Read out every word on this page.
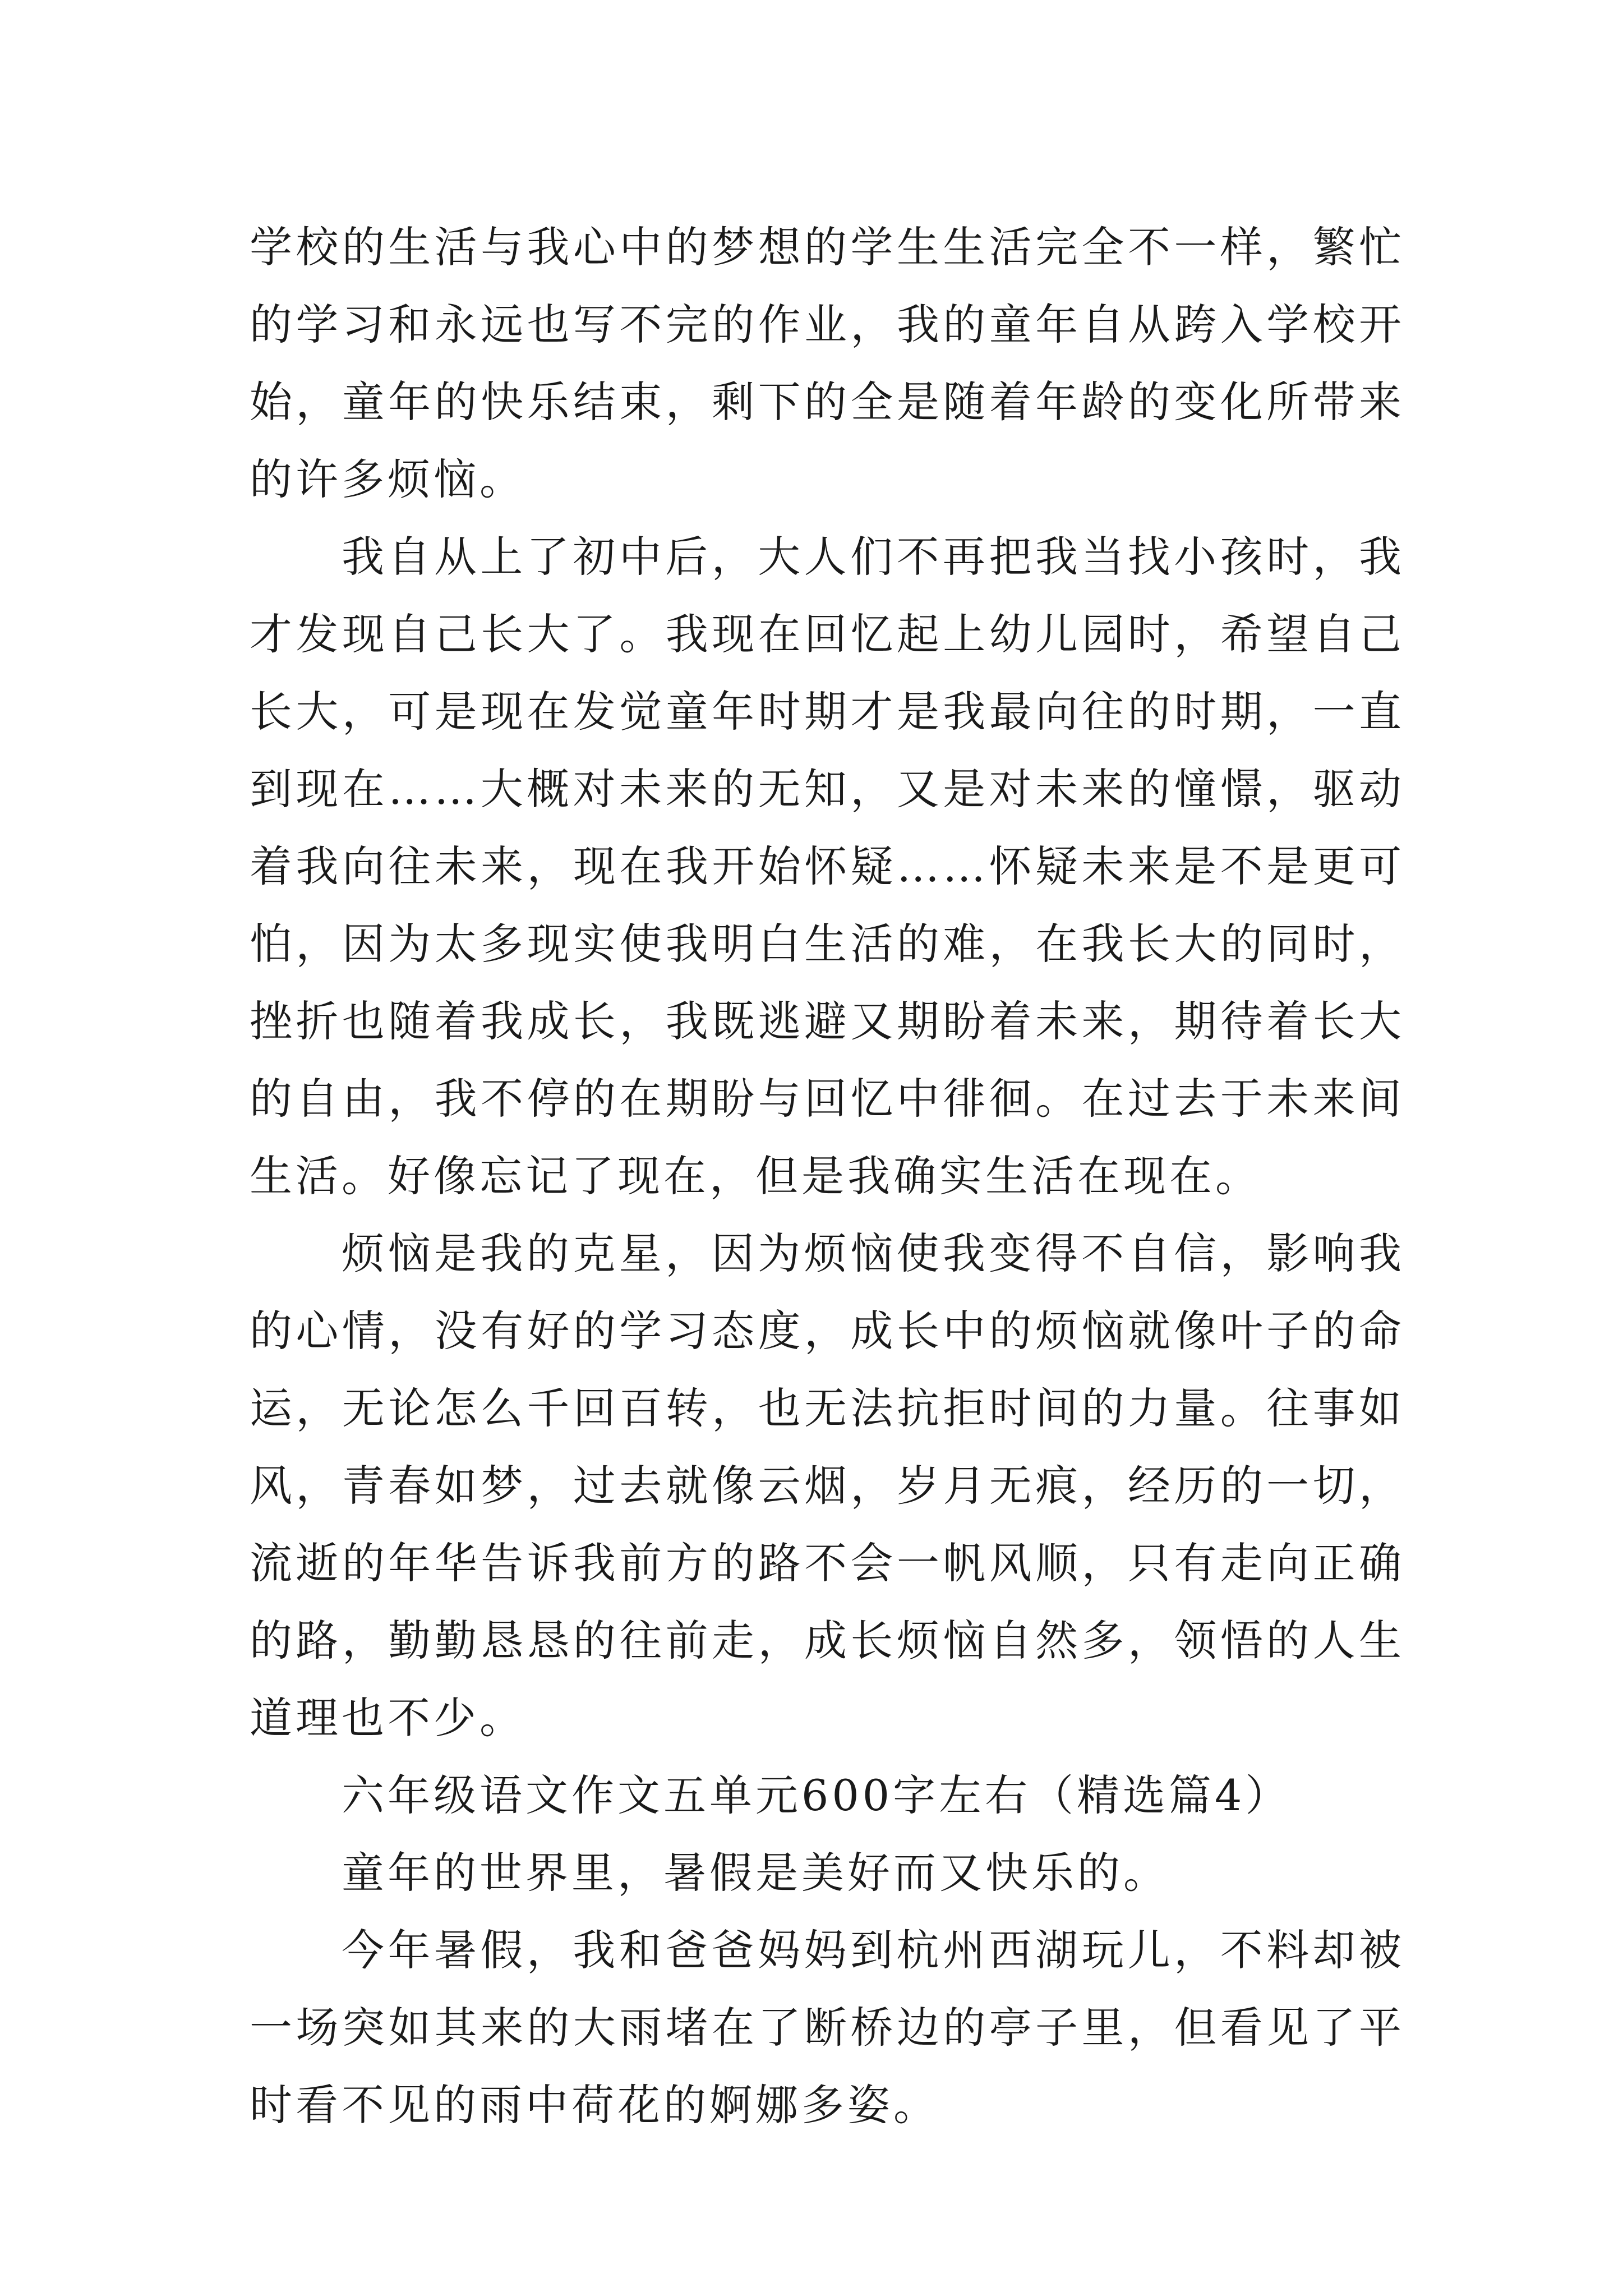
学校的生活与我心中的梦想的学生生活完全不一样，繁忙的学习和永远也写不完的作业，我的童年自从跨入学校开始，童年的快乐结束，剩下的全是随着年龄的变化所带来的许多烦恼。

我自从上了初中后，大人们不再把我当找小孩时，我才发现自己长大了。我现在回忆起上幼儿园时，希望自己长大，可是现在发觉童年时期才是我最向往的时期，一直到现在……大概对未来的无知，又是对未来的憧憬，驱动着我向往未来，现在我开始怀疑……怀疑未来是不是更可怕，因为太多现实使我明白生活的难，在我长大的同时，挫折也随着我成长，我既逃避又期盼着未来，期待着长大的自由，我不停的在期盼与回忆中徘徊。在过去于未来间生活。好像忘记了现在，但是我确实生活在现在。

烦恼是我的克星，因为烦恼使我变得不自信，影响我的心情，没有好的学习态度，成长中的烦恼就像叶子的命运，无论怎么千回百转，也无法抗拒时间的力量。往事如风，青春如梦，过去就像云烟，岁月无痕，经历的一切，流逝的年华告诉我前方的路不会一帆风顺，只有走向正确的路，勤勤恳恳的往前走，成长烦恼自然多，领悟的人生道理也不少。

六年级语文作文五单元600字左右（精选篇4）

童年的世界里，暑假是美好而又快乐的。

今年暑假，我和爸爸妈妈到杭州西湖玩儿，不料却被一场突如其来的大雨堵在了断桥边的亭子里，但看见了平时看不见的雨中荷花的婀娜多姿。
